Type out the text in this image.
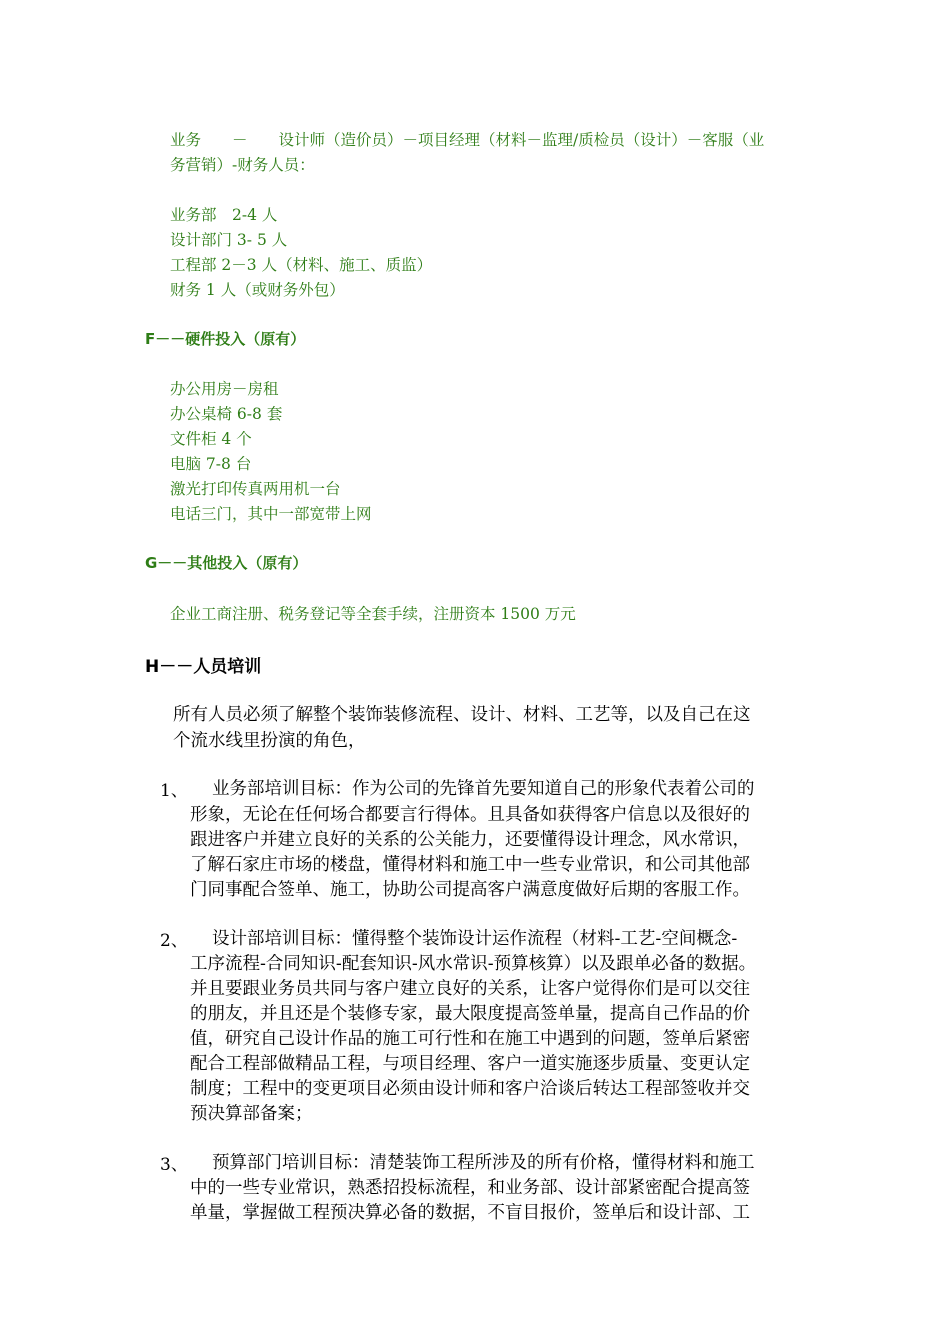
业务　　－　　设计师（造价员）－项目经理（材料－监理/质检员（设计）－客服（业
务营销）-财务人员：
业务部　2-4 人
设计部门 3- 5 人
工程部 2－3 人（材料、施工、质监）
财务 1 人（或财务外包）
F－－硬件投入（原有）
办公用房－房租
办公桌椅 6-8 套
文件柜 4 个
电脑 7-8 台
激光打印传真两用机一台
电话三门，其中一部宽带上网
G－－其他投入（原有）
企业工商注册、税务登记等全套手续，注册资本 1500 万元
H－－人员培训
所有人员必须了解整个装饰装修流程、设计、材料、工艺等，以及自己在这
个流水线里扮演的角色，
1、 业务部培训目标：作为公司的先锋首先要知道自己的形象代表着公司的
形象，无论在任何场合都要言行得体。且具备如获得客户信息以及很好的
跟进客户并建立良好的关系的公关能力，还要懂得设计理念，风水常识，
了解石家庄市场的楼盘，懂得材料和施工中一些专业常识，和公司其他部
门同事配合签单、施工，协助公司提高客户满意度做好后期的客服工作。
2、 设计部培训目标：懂得整个装饰设计运作流程（材料-工艺-空间概念-
工序流程-合同知识-配套知识-风水常识-预算核算）以及跟单必备的数据。
并且要跟业务员共同与客户建立良好的关系，让客户觉得你们是可以交往
的朋友，并且还是个装修专家，最大限度提高签单量，提高自己作品的价
值，研究自己设计作品的施工可行性和在施工中遇到的问题，签单后紧密
配合工程部做精品工程，与项目经理、客户一道实施逐步质量、变更认定
制度；工程中的变更项目必须由设计师和客户洽谈后转达工程部签收并交
预决算部备案；
3、 预算部门培训目标：清楚装饰工程所涉及的所有价格，懂得材料和施工
中的一些专业常识，熟悉招投标流程，和业务部、设计部紧密配合提高签
单量，掌握做工程预决算必备的数据，不盲目报价，签单后和设计部、工
